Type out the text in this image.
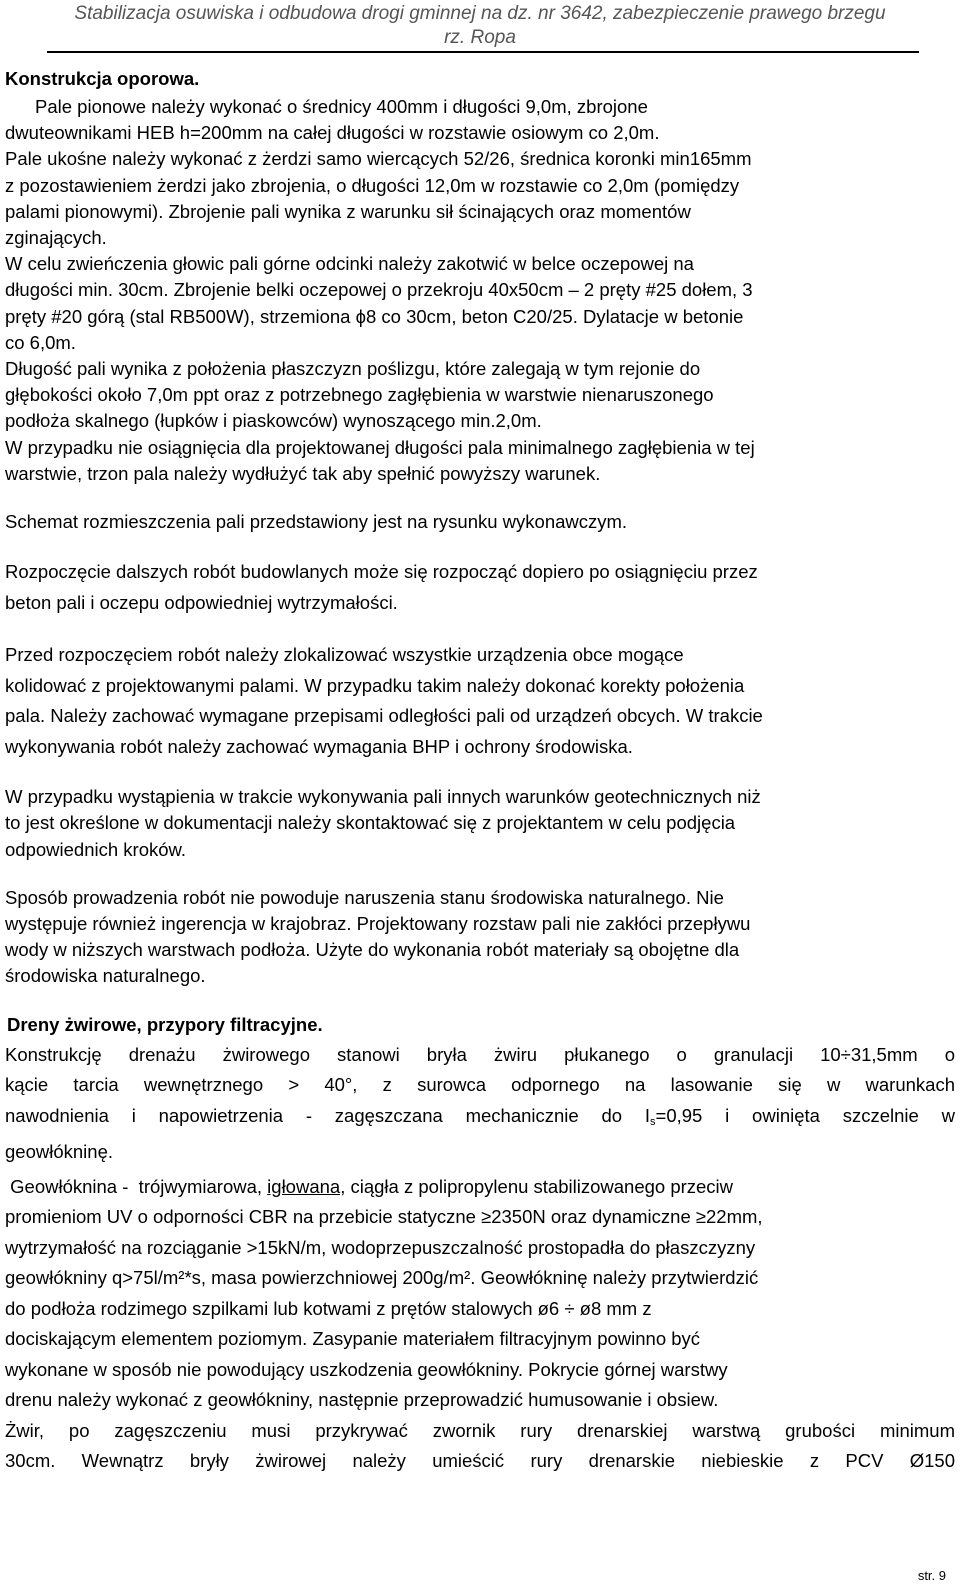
Stabilizacja osuwiska i odbudowa drogi gminnej na dz. nr 3642, zabezpieczenie prawego brzegu
rz. Ropa
Konstrukcja oporowa.

Pale pionowe należy wykonać o średnicy 400mm i długości 9,0m, zbrojone

dwuteownikami HEB h=200mm na całej długości w rozstawie osiowym co 2,0m.

Pale ukośne należy wykonać z żerdzi samo wiercących 52/26, średnica koronki min165mm

z pozostawieniem żerdzi jako zbrojenia, o długości 12,0m w rozstawie co 2,0m (pomiędzy

palami pionowymi). Zbrojenie pali wynika z warunku sił ścinających oraz momentów

zginających.

W celu zwieńczenia głowic pali górne odcinki należy zakotwić w belce oczepowej na

długości min. 30cm. Zbrojenie belki oczepowej o przekroju 40x50cm – 2 pręty #25 dołem, 3

pręty #20 górą (stal RB500W), strzemiona ϕ8 co 30cm, beton C20/25. Dylatacje w betonie

co 6,0m.

Długość pali wynika z położenia płaszczyzn poślizgu, które zalegają w tym rejonie do

głębokości około 7,0m ppt oraz z potrzebnego zagłębienia w warstwie nienaruszonego

podłoża skalnego (łupków i piaskowców) wynoszącego min.2,0m.

W przypadku nie osiągnięcia dla projektowanej długości pala minimalnego zagłębienia w tej

warstwie, trzon pala należy wydłużyć tak aby spełnić powyższy warunek.

Schemat rozmieszczenia pali przedstawiony jest na rysunku wykonawczym.

Rozpoczęcie dalszych robót budowlanych może się rozpocząć dopiero po osiągnięciu przez

beton pali i oczepu odpowiedniej wytrzymałości.

Przed rozpoczęciem robót należy zlokalizować wszystkie urządzenia obce mogące

kolidować z projektowanymi palami. W przypadku takim należy dokonać korekty położenia

pala. Należy zachować wymagane przepisami odległości pali od urządzeń obcych. W trakcie

wykonywania robót należy zachować wymagania BHP i ochrony środowiska.

W przypadku wystąpienia w trakcie wykonywania pali innych warunków geotechnicznych niż

to jest określone w dokumentacji należy skontaktować się z projektantem w celu podjęcia

odpowiednich kroków.

Sposób prowadzenia robót nie powoduje naruszenia stanu środowiska naturalnego. Nie

występuje również ingerencja w krajobraz. Projektowany rozstaw pali nie zakłóci przepływu

wody w niższych warstwach podłoża. Użyte do wykonania robót materiały są obojętne dla

środowiska naturalnego.

Dreny żwirowe, przypory filtracyjne.

Konstrukcję drenażu żwirowego stanowi bryła żwiru płukanego o granulacji 10÷31,5mm o

kącie tarcia wewnętrznego > 40°, z surowca odpornego na lasowanie się w warunkach

nawodnienia i napowietrzenia - zagęszczana mechanicznie do $I_s=0,95$ i owinięta szczelnie w

geowłókninę.

Geowłóknina -  trójwymiarowa, igłowana, ciągła z polipropylenu stabilizowanego przeciw

promieniom UV o odporności CBR na przebicie statyczne ≥2350N oraz dynamiczne ≥22mm,

wytrzymałość na rozciąganie >15kN/m, wodoprzepuszczalność prostopadła do płaszczyzny

geowłókniny q>75l/m²*s, masa powierzchniowej 200g/m². Geowłókninę należy przytwierdzić

do podłoża rodzimego szpilkami lub kotwami z prętów stalowych ø6 ÷ ø8 mm z

dociskającym elementem poziomym. Zasypanie materiałem filtracyjnym powinno być

wykonane w sposób nie powodujący uszkodzenia geowłókniny. Pokrycie górnej warstwy

drenu należy wykonać z geowłókniny, następnie przeprowadzić humusowanie i obsiew.

Żwir, po zagęszczeniu musi przykrywać zwornik rury drenarskiej warstwą grubości minimum

30cm. Wewnątrz bryły żwirowej należy umieścić rury drenarskie niebieskie z PCV Ø150

str. 9
